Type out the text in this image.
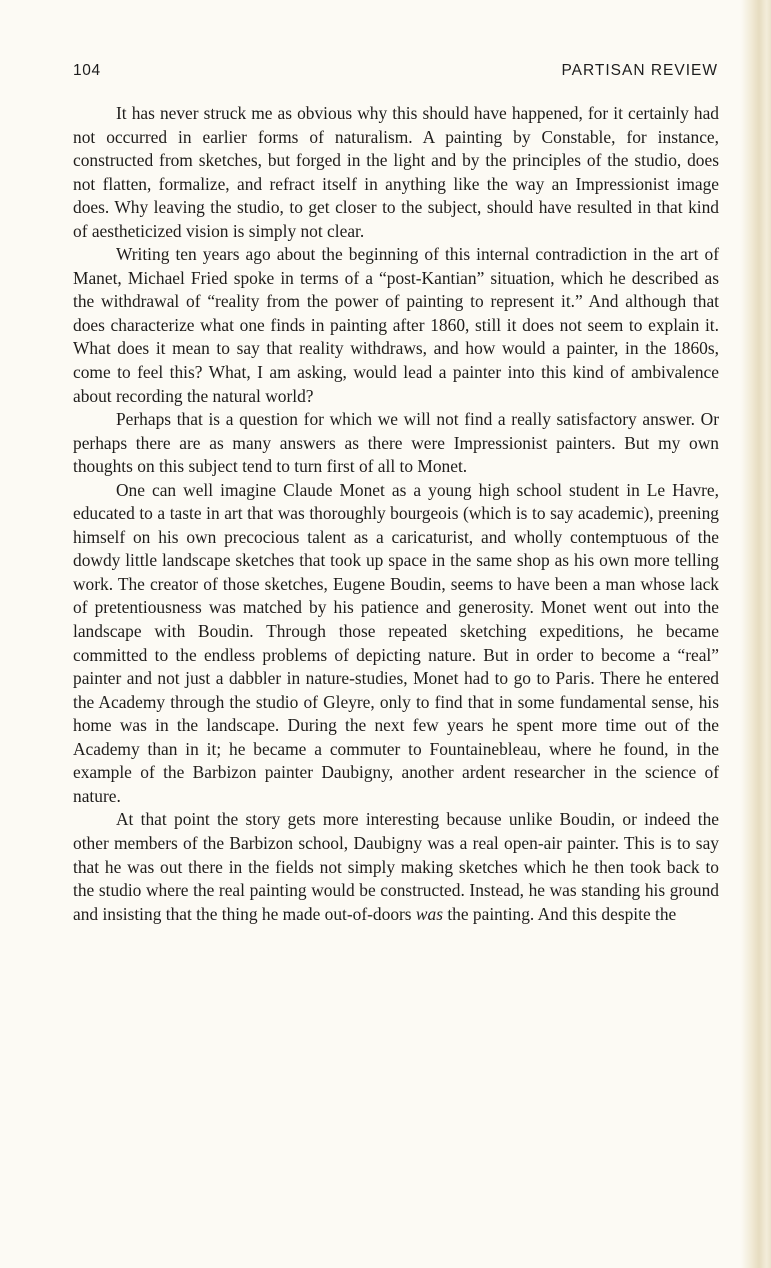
104	PARTISAN REVIEW

It has never struck me as obvious why this should have happened, for it certainly had not occurred in earlier forms of naturalism. A painting by Constable, for instance, constructed from sketches, but forged in the light and by the principles of the studio, does not flatten, formalize, and refract itself in anything like the way an Impressionist image does. Why leaving the studio, to get closer to the subject, should have resulted in that kind of aestheticized vision is simply not clear.

Writing ten years ago about the beginning of this internal contradiction in the art of Manet, Michael Fried spoke in terms of a “post-Kantian” situation, which he described as the withdrawal of “reality from the power of painting to represent it.” And although that does characterize what one finds in painting after 1860, still it does not seem to explain it. What does it mean to say that reality withdraws, and how would a painter, in the 1860s, come to feel this? What, I am asking, would lead a painter into this kind of ambivalence about recording the natural world?

Perhaps that is a question for which we will not find a really satisfactory answer. Or perhaps there are as many answers as there were Impressionist painters. But my own thoughts on this subject tend to turn first of all to Monet.

One can well imagine Claude Monet as a young high school student in Le Havre, educated to a taste in art that was thoroughly bourgeois (which is to say academic), preening himself on his own precocious talent as a caricaturist, and wholly contemptuous of the dowdy little landscape sketches that took up space in the same shop as his own more telling work. The creator of those sketches, Eugene Boudin, seems to have been a man whose lack of pretentiousness was matched by his patience and generosity. Monet went out into the landscape with Boudin. Through those repeated sketching expeditions, he became committed to the endless problems of depicting nature. But in order to become a “real” painter and not just a dabbler in nature-studies, Monet had to go to Paris. There he entered the Academy through the studio of Gleyre, only to find that in some fundamental sense, his home was in the landscape. During the next few years he spent more time out of the Academy than in it; he became a commuter to Fountainebleau, where he found, in the example of the Barbizon painter Daubigny, another ardent researcher in the science of nature.

At that point the story gets more interesting because unlike Boudin, or indeed the other members of the Barbizon school, Daubigny was a real open-air painter. This is to say that he was out there in the fields not simply making sketches which he then took back to the studio where the real painting would be constructed. Instead, he was standing his ground and insisting that the thing he made out-of-doors was the painting. And this despite the
